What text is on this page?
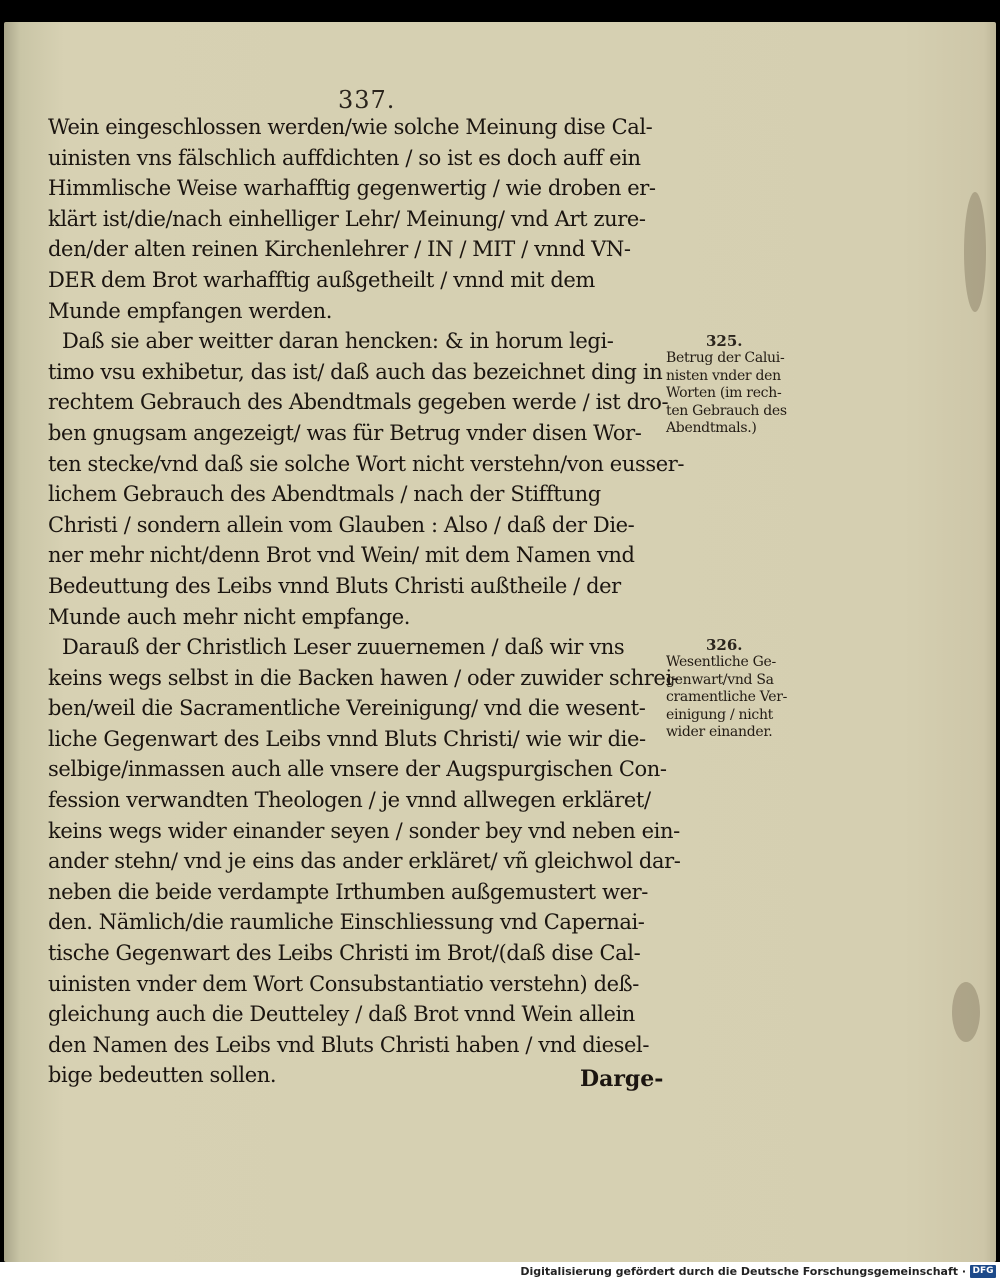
337.
Wein eingeschlossen werden/wie solche Meinung dise Cal-
uinisten vns fälschlich auffdichten / so ist es doch auff ein
Himmlische Weise warhafftig gegenwertig / wie droben er-
klärt ist/die/nach einhelliger Lehr/ Meinung/ vnd Art zure-
den/der alten reinen Kirchenlehrer / IN / MIT / vnnd VN-
DER dem Brot warhafftig außgetheilt / vnnd mit dem
Munde empfangen werden.
Daß sie aber weitter daran hencken: & in horum legi-
timo vsu exhibetur, das ist/ daß auch das bezeichnet ding in
rechtem Gebrauch des Abendtmals gegeben werde / ist dro-
ben gnugsam angezeigt/ was für Betrug vnder disen Wor-
ten stecke/vnd daß sie solche Wort nicht verstehn/von eusser-
lichem Gebrauch des Abendtmals / nach der Stifftung
Christi / sondern allein vom Glauben : Also / daß der Die-
ner mehr nicht/denn Brot vnd Wein/ mit dem Namen vnd
Bedeuttung des Leibs vnnd Bluts Christi außtheile / der
Munde auch mehr nicht empfange.
Darauß der Christlich Leser zuuernemen / daß wir vns
keins wegs selbst in die Backen hawen / oder zuwider schrei-
ben/weil die Sacramentliche Vereinigung/ vnd die wesent-
liche Gegenwart des Leibs vnnd Bluts Christi/ wie wir die-
selbige/inmassen auch alle vnsere der Augspurgischen Con-
fession verwandten Theologen / je vnnd allwegen erkläret/
keins wegs wider einander seyen / sonder bey vnd neben ein-
ander stehn/ vnd je eins das ander erkläret/ vñ gleichwol dar-
neben die beide verdampte Irthumben außgemustert wer-
den. Nämlich/die raumliche Einschliessung vnd Capernai-
tische Gegenwart des Leibs Christi im Brot/(daß dise Cal-
uinisten vnder dem Wort Consubstantiatio verstehn) deß-
gleichung auch die Deutteley / daß Brot vnnd Wein allein
den Namen des Leibs vnd Bluts Christi haben / vnd diesel-
bige bedeutten sollen.
325.
Betrug der Calui-
nisten vnder den
Worten (im rech-
ten Gebrauch des
Abendtmals.)
326.
Wesentliche Ge-
genwart/vnd Sa
cramentliche Ver-
einigung / nicht
wider einander.
Darge-
Digitalisierung gefördert durch die Deutsche Forschungsgemeinschaft · DFG
